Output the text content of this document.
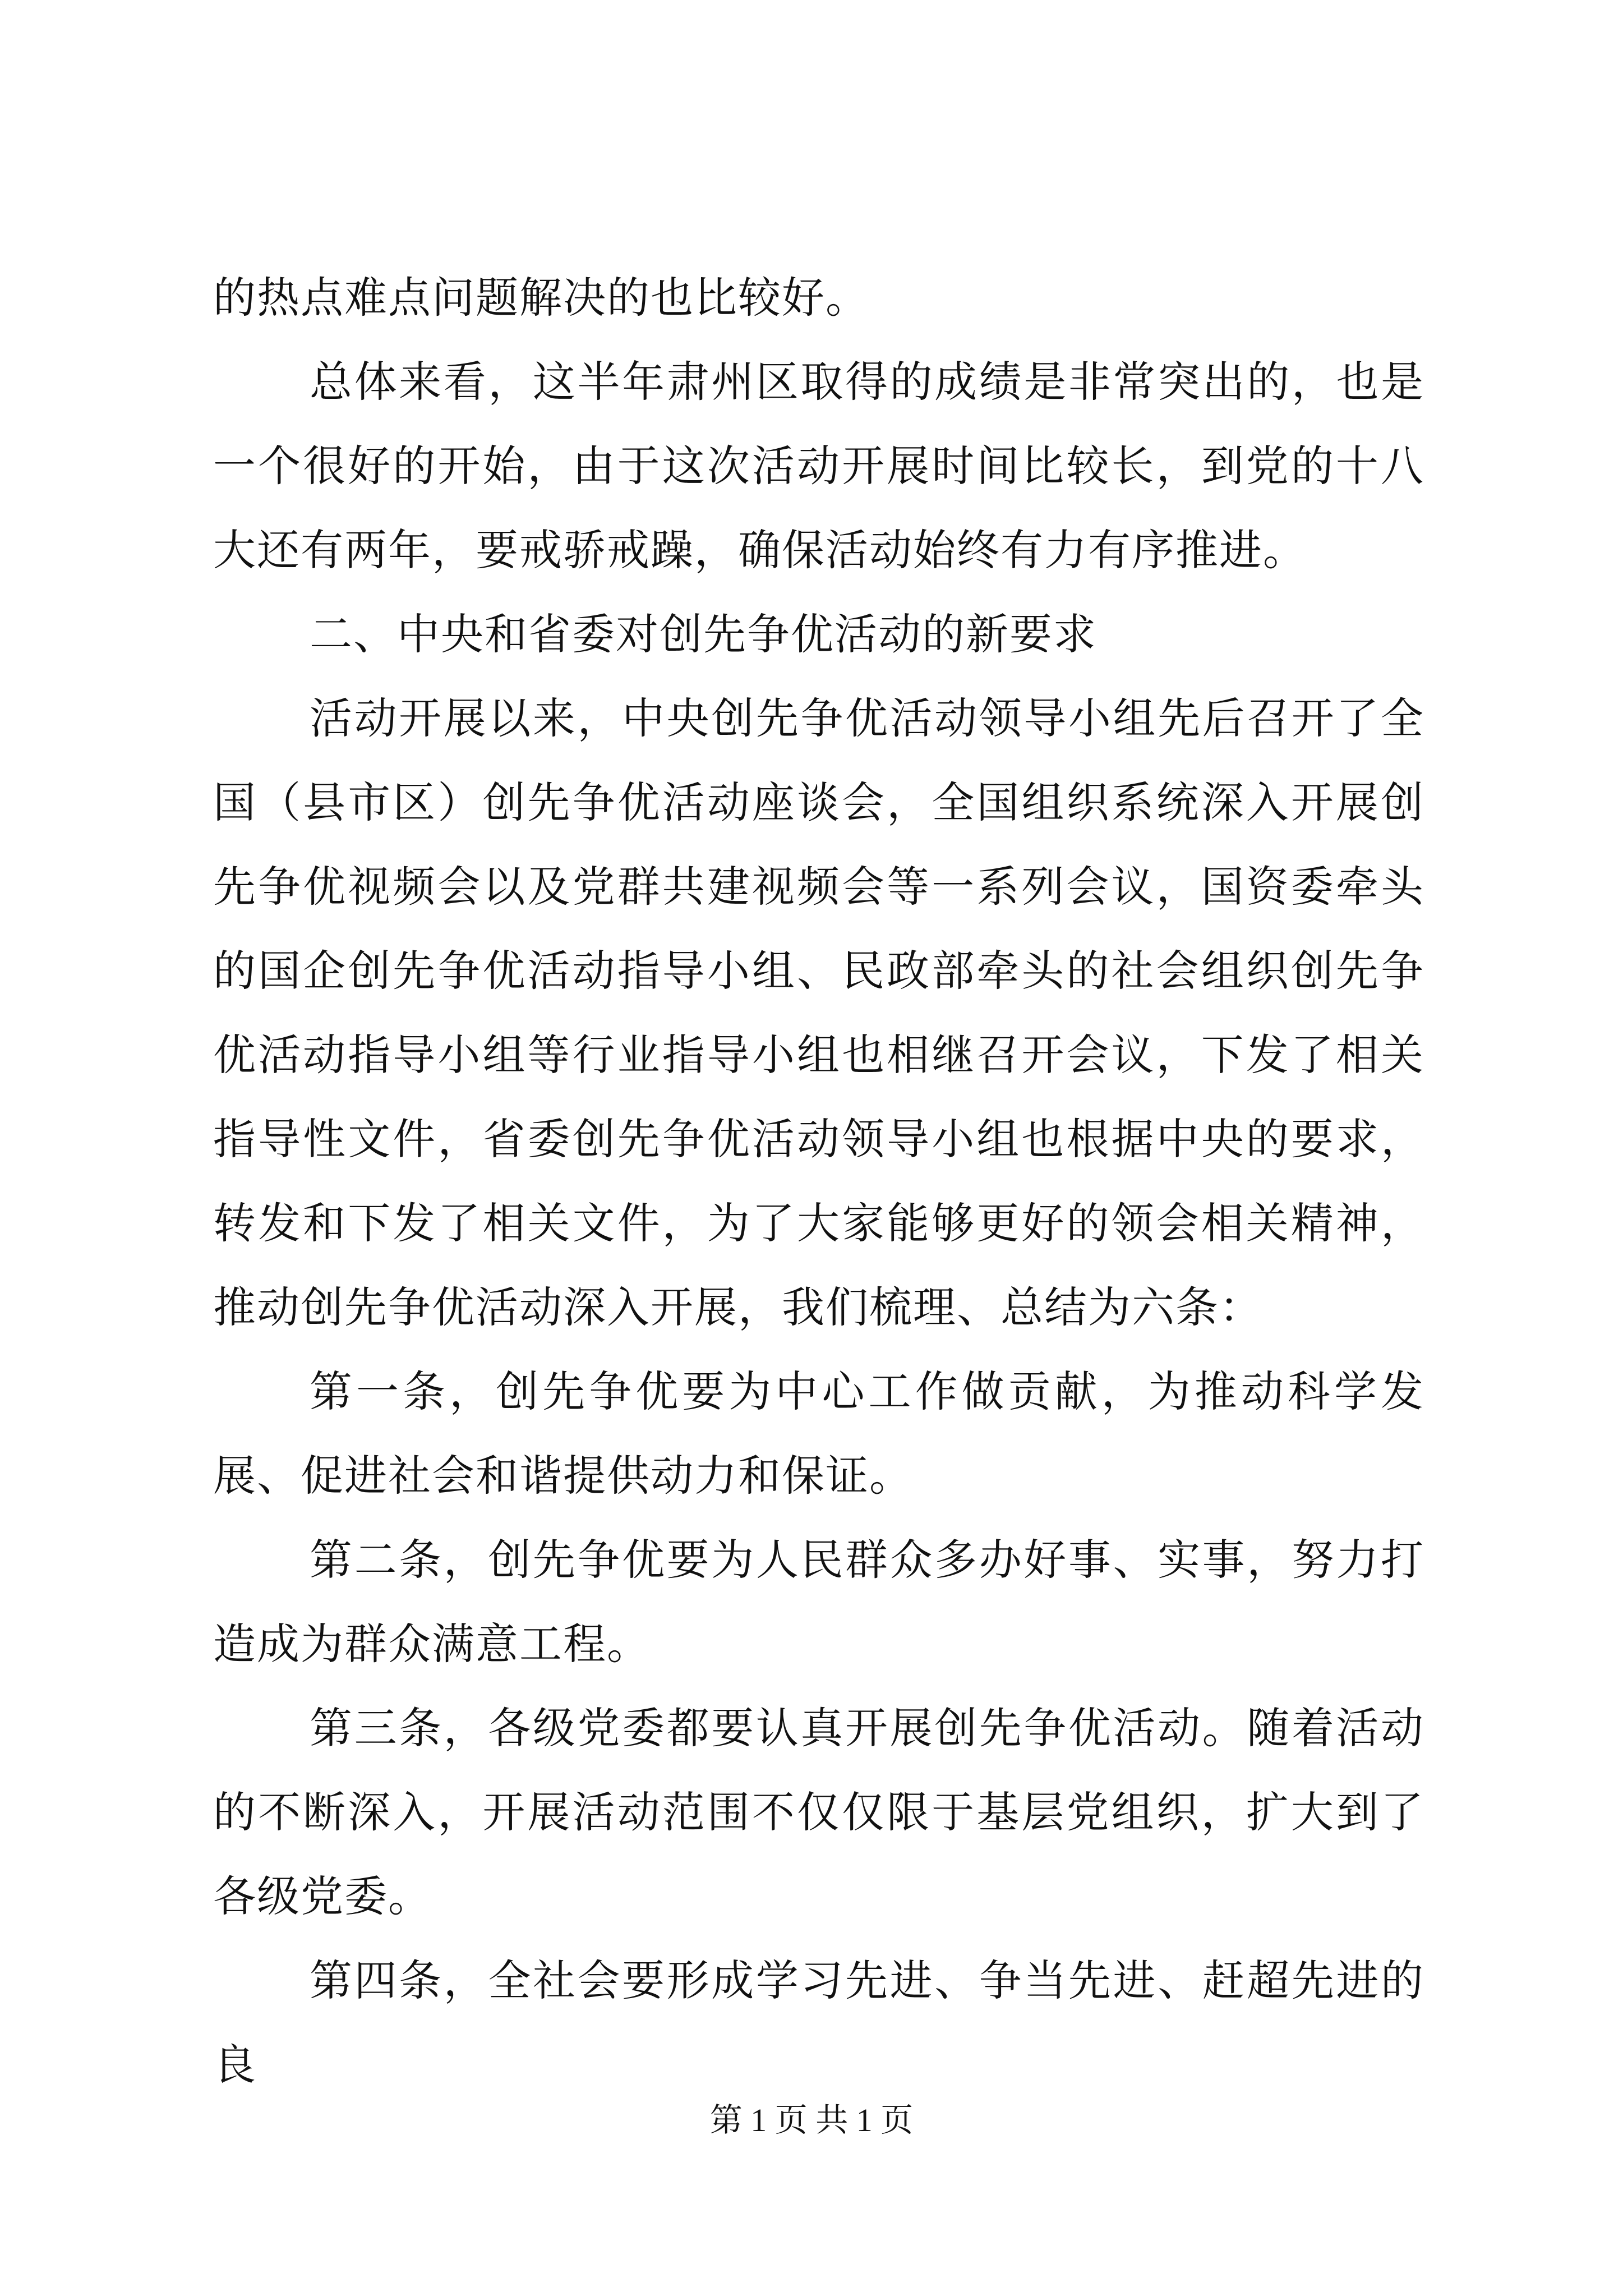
的热点难点问题解决的也比较好。

总体来看，这半年肃州区取得的成绩是非常突出的，也是一个很好的开始，由于这次活动开展时间比较长，到党的十八大还有两年，要戒骄戒躁，确保活动始终有力有序推进。

二、中央和省委对创先争优活动的新要求

活动开展以来，中央创先争优活动领导小组先后召开了全国（县市区）创先争优活动座谈会，全国组织系统深入开展创先争优视频会以及党群共建视频会等一系列会议，国资委牵头的国企创先争优活动指导小组、民政部牵头的社会组织创先争优活动指导小组等行业指导小组也相继召开会议，下发了相关指导性文件，省委创先争优活动领导小组也根据中央的要求，转发和下发了相关文件，为了大家能够更好的领会相关精神，推动创先争优活动深入开展，我们梳理、总结为六条：

第一条，创先争优要为中心工作做贡献，为推动科学发展、促进社会和谐提供动力和保证。

第二条，创先争优要为人民群众多办好事、实事，努力打造成为群众满意工程。

第三条，各级党委都要认真开展创先争优活动。随着活动的不断深入，开展活动范围不仅仅限于基层党组织，扩大到了各级党委。

第四条，全社会要形成学习先进、争当先进、赶超先进的良

第 1 页 共 1 页
